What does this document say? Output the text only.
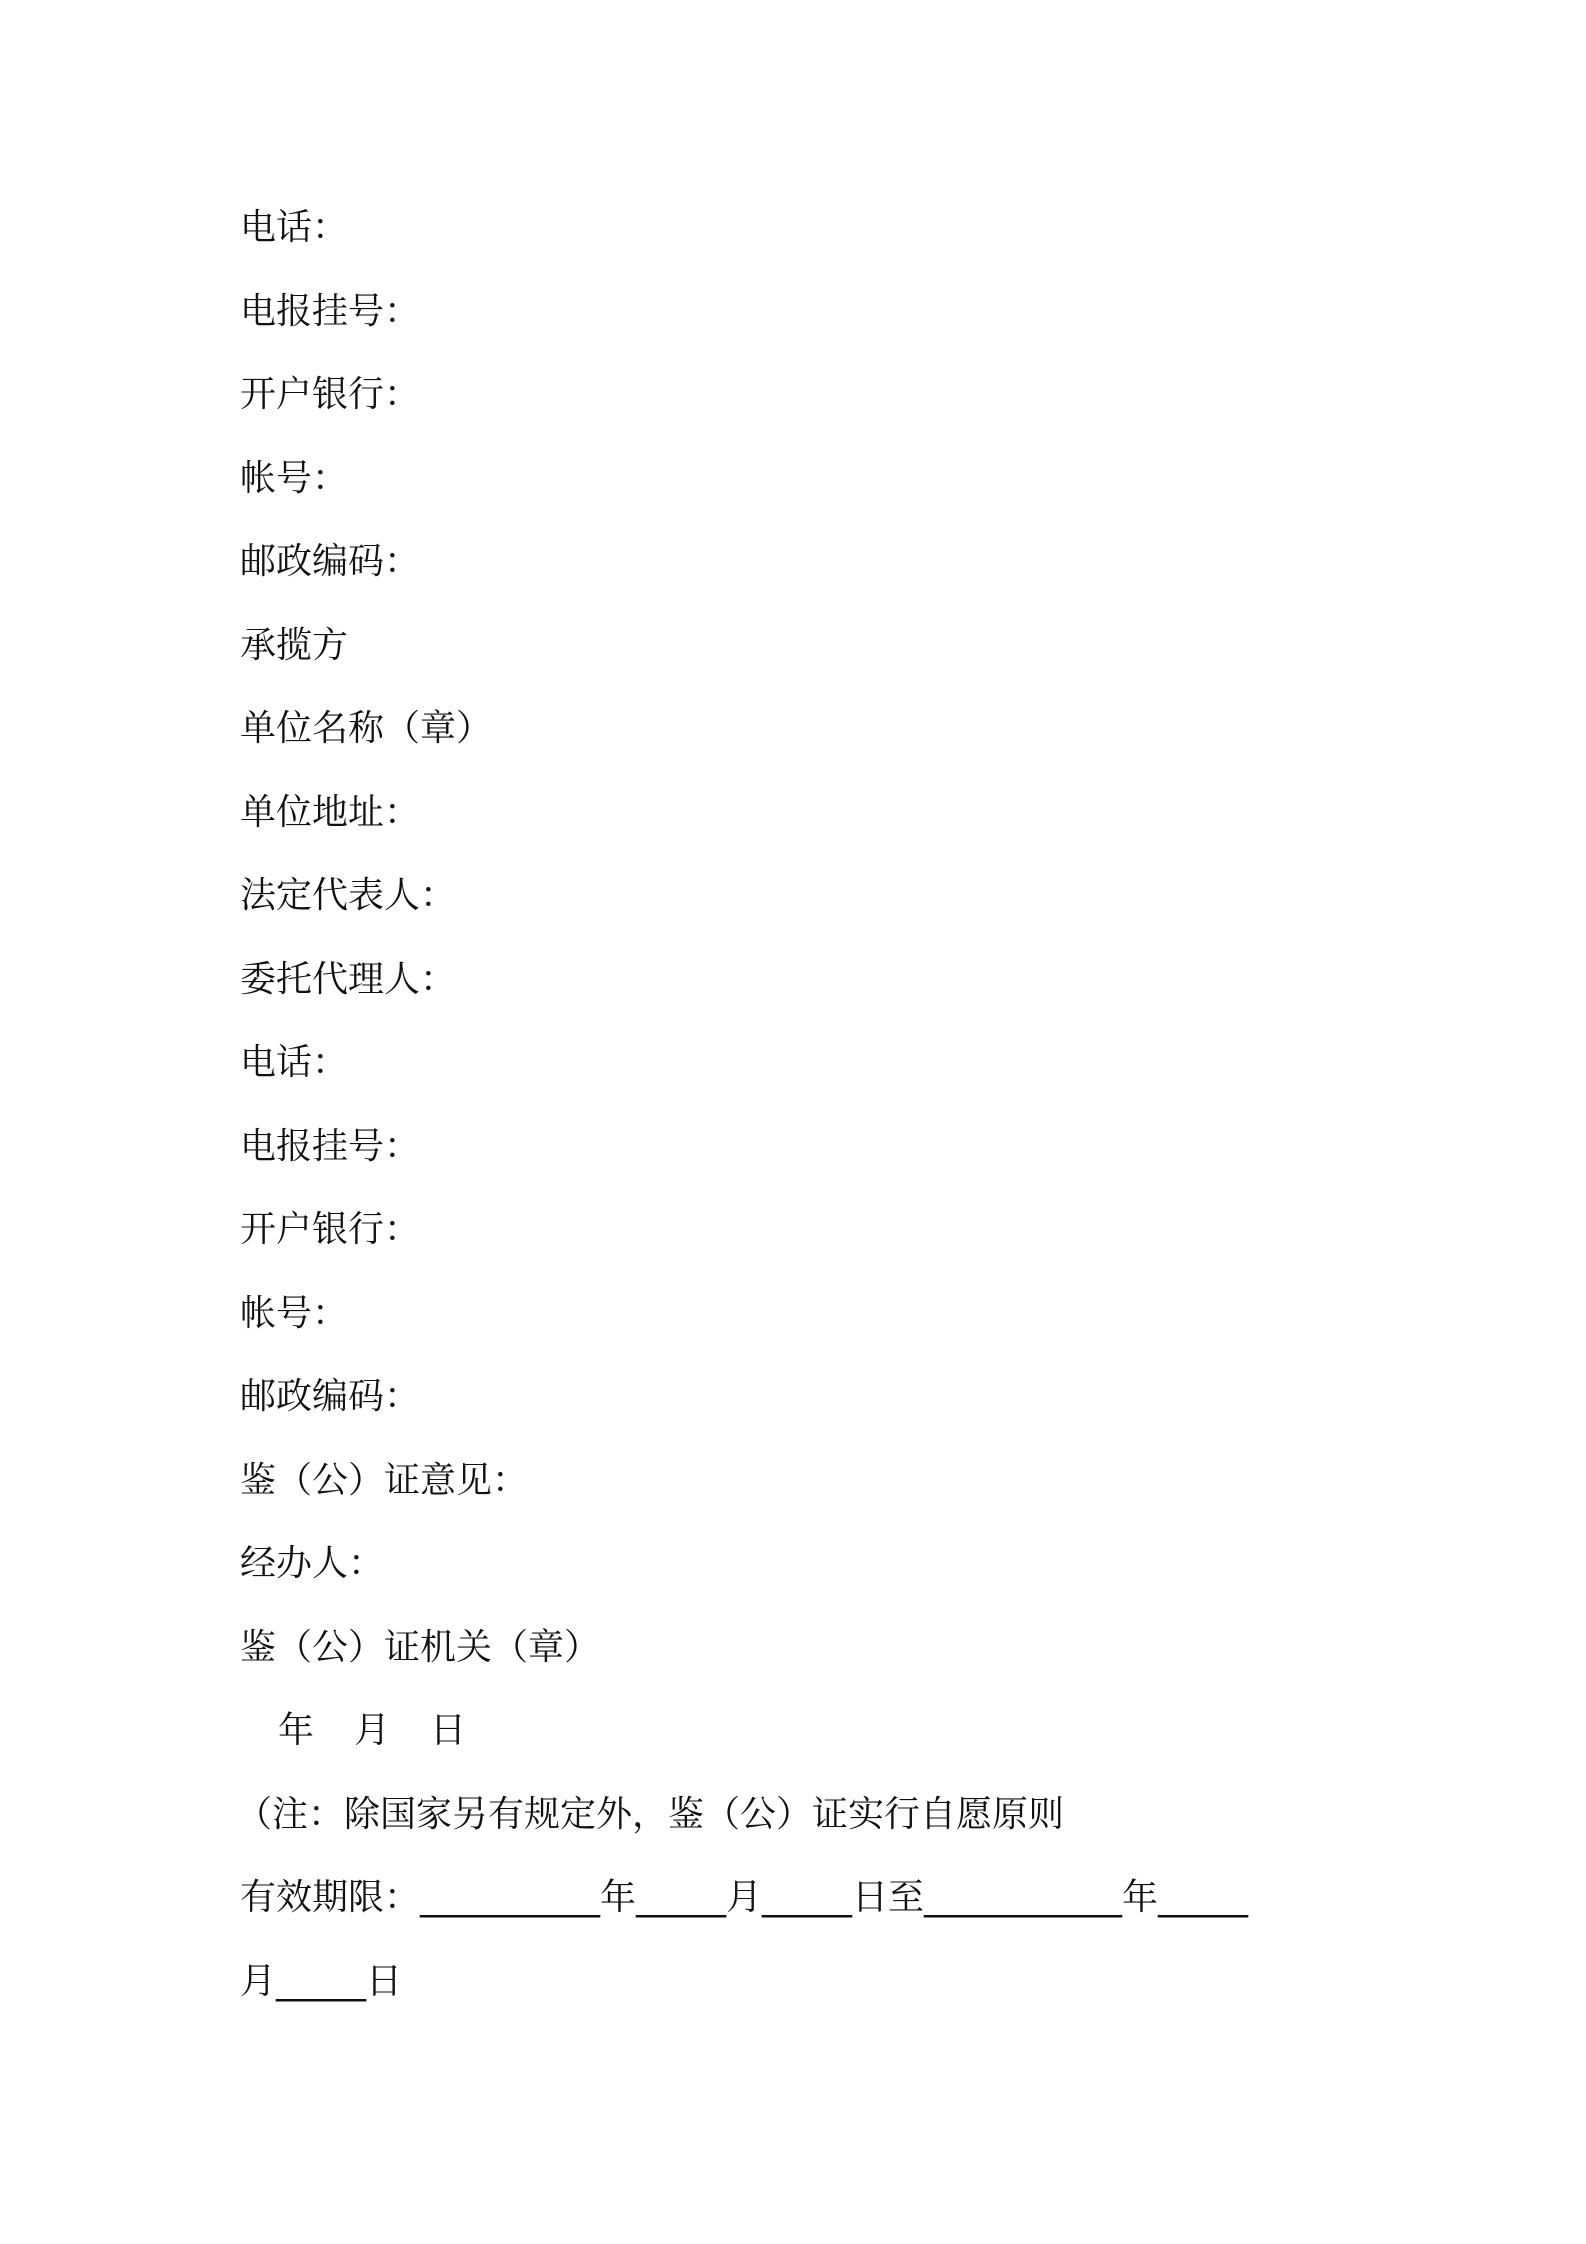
电话：
电报挂号：
开户银行：
帐号：
邮政编码：
承揽方
单位名称（章）
单位地址：
法定代表人：
委托代理人：
电话：
电报挂号：
开户银行：
帐号：
邮政编码：
鉴（公）证意见：
经办人：
鉴（公）证机关（章）
年 月 日
（注：除国家另有规定外，鉴（公）证实行自愿原则
有效期限：__________年_____月_____日至___________年_____
月_____日
